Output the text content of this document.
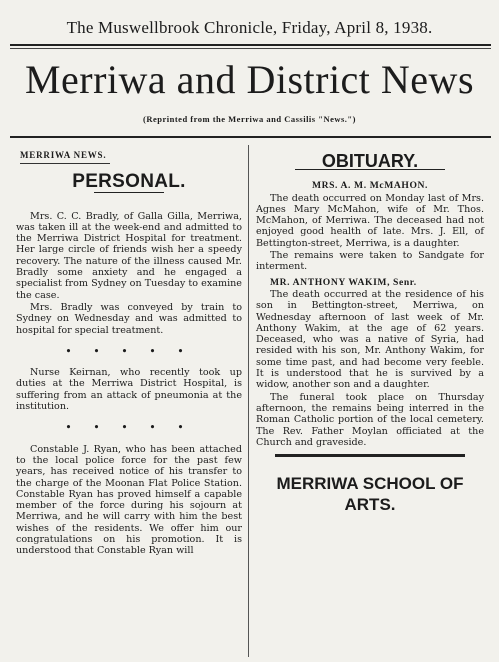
The Muswellbrook Chronicle, Friday, April 8, 1938.
Merriwa and District News
(Reprinted from the Merriwa and Cassilis "News.")
MERRIWA NEWS.
PERSONAL.

Mrs. C. C. Bradly, of Galla Gilla, Merriwa, was taken ill at the week-end and admitted to the Merriwa District Hospital for treatment. Her large circle of friends wish her a speedy recovery. The nature of the illness caused Mr. Bradly some anxiety and he engaged a specialist from Sydney on Tuesday to examine the case.

Mrs. Bradly was conveyed by train to Sydney on Wednesday and was admitted to hospital for special treatment.

• • • • •

Nurse Keirnan, who recently took up duties at the Merriwa District Hospital, is suffering from an attack of pneumonia at the institution.

• • • • •

Constable J. Ryan, who has been attached to the local police force for the past few years, has received notice of his transfer to the charge of the Moonan Flat Police Station. Constable Ryan has proved himself a capable member of the force during his sojourn at Merriwa, and he will carry with him the best wishes of the residents. We offer him our congratulations on his promotion. It is understood that Constable Ryan will

OBITUARY.
MRS. A. M. McMAHON.

The death occurred on Monday last of Mrs. Agnes Mary McMahon, wife of Mr. Thos. McMahon, of Merriwa. The deceased had not enjoyed good health of late. Mrs. J. Ell, of Bettington-street, Merriwa, is a daughter.

The remains were taken to Sandgate for interment.

MR. ANTHONY WAKIM, Senr.

The death occurred at the residence of his son in Bettington-street, Merriwa, on Wednesday afternoon of last week of Mr. Anthony Wakim, at the age of 62 years. Deceased, who was a native of Syria, had resided with his son, Mr. Anthony Wakim, for some time past, and had become very feeble. It is understood that he is survived by a widow, another son and a daughter.

The funeral took place on Thursday afternoon, the remains being interred in the Roman Catholic portion of the local cemetery. The Rev. Father Moylan officiated at the Church and graveside.

MERRIWA SCHOOL OF ARTS.
